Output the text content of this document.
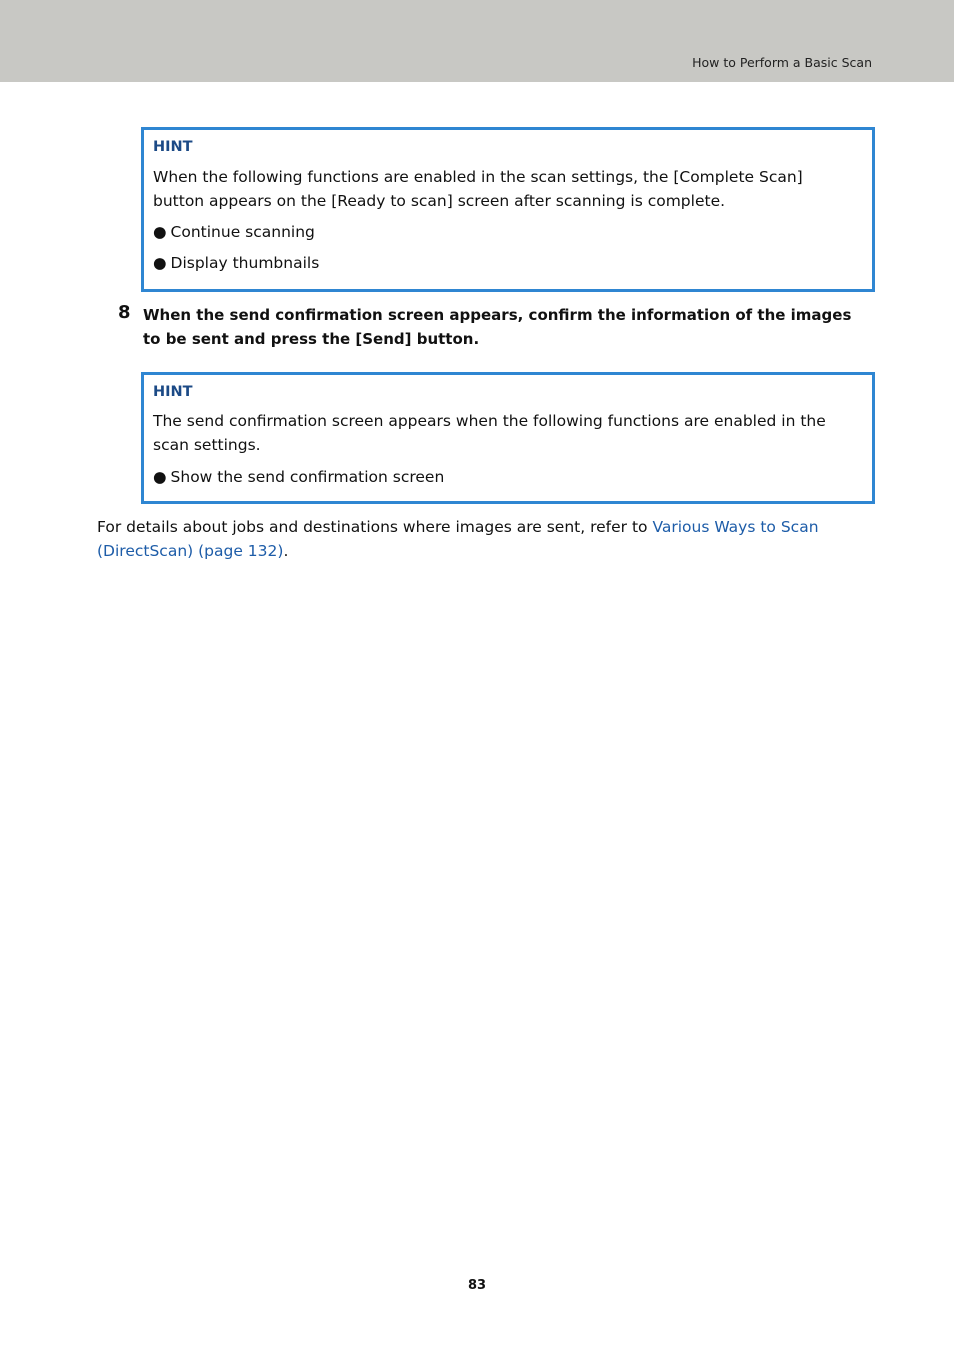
How to Perform a Basic Scan
HINT
When the following functions are enabled in the scan settings, the [Complete Scan] button appears on the [Ready to scan] screen after scanning is complete.
● Continue scanning
● Display thumbnails
8 When the send confirmation screen appears, confirm the information of the images to be sent and press the [Send] button.
HINT
The send confirmation screen appears when the following functions are enabled in the scan settings.
● Show the send confirmation screen
For details about jobs and destinations where images are sent, refer to Various Ways to Scan (DirectScan) (page 132).
83
